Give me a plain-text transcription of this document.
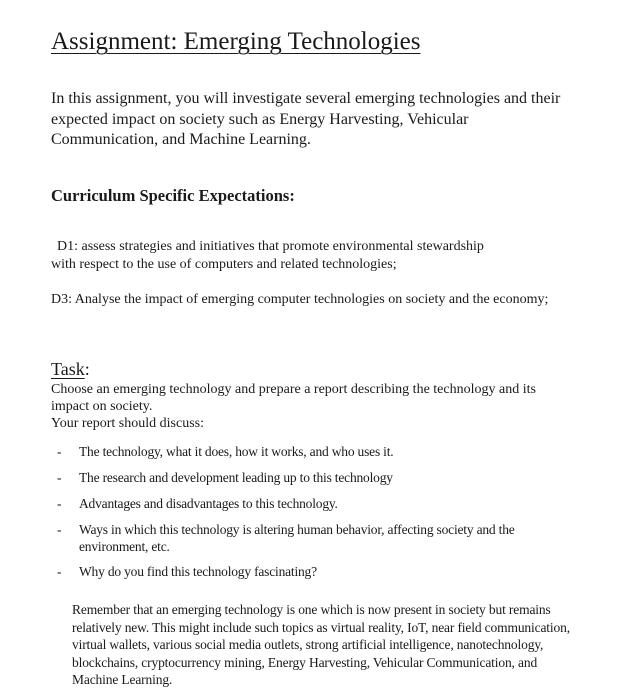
Assignment: Emerging Technologies

In this assignment, you will investigate several emerging technologies and their expected impact on society such as Energy Harvesting, Vehicular Communication, and Machine Learning.

Curriculum Specific Expectations:

D1: assess strategies and initiatives that promote environmental stewardship
with respect to the use of computers and related technologies;

D3: Analyse the impact of emerging computer technologies on society and the economy;

Task:

Choose an emerging technology and prepare a report describing the technology and its impact on society.
Your report should discuss:

- The technology, what it does, how it works, and who uses it.
- The research and development leading up to this technology
- Advantages and disadvantages to this technology.
- Ways in which this technology is altering human behavior, affecting society and the environment, etc.
- Why do you find this technology fascinating?

Remember that an emerging technology is one which is now present in society but remains relatively new. This might include such topics as virtual reality, IoT, near field communication, virtual wallets, various social media outlets, strong artificial intelligence, nanotechnology, blockchains, cryptocurrency mining, Energy Harvesting, Vehicular Communication, and Machine Learning.
